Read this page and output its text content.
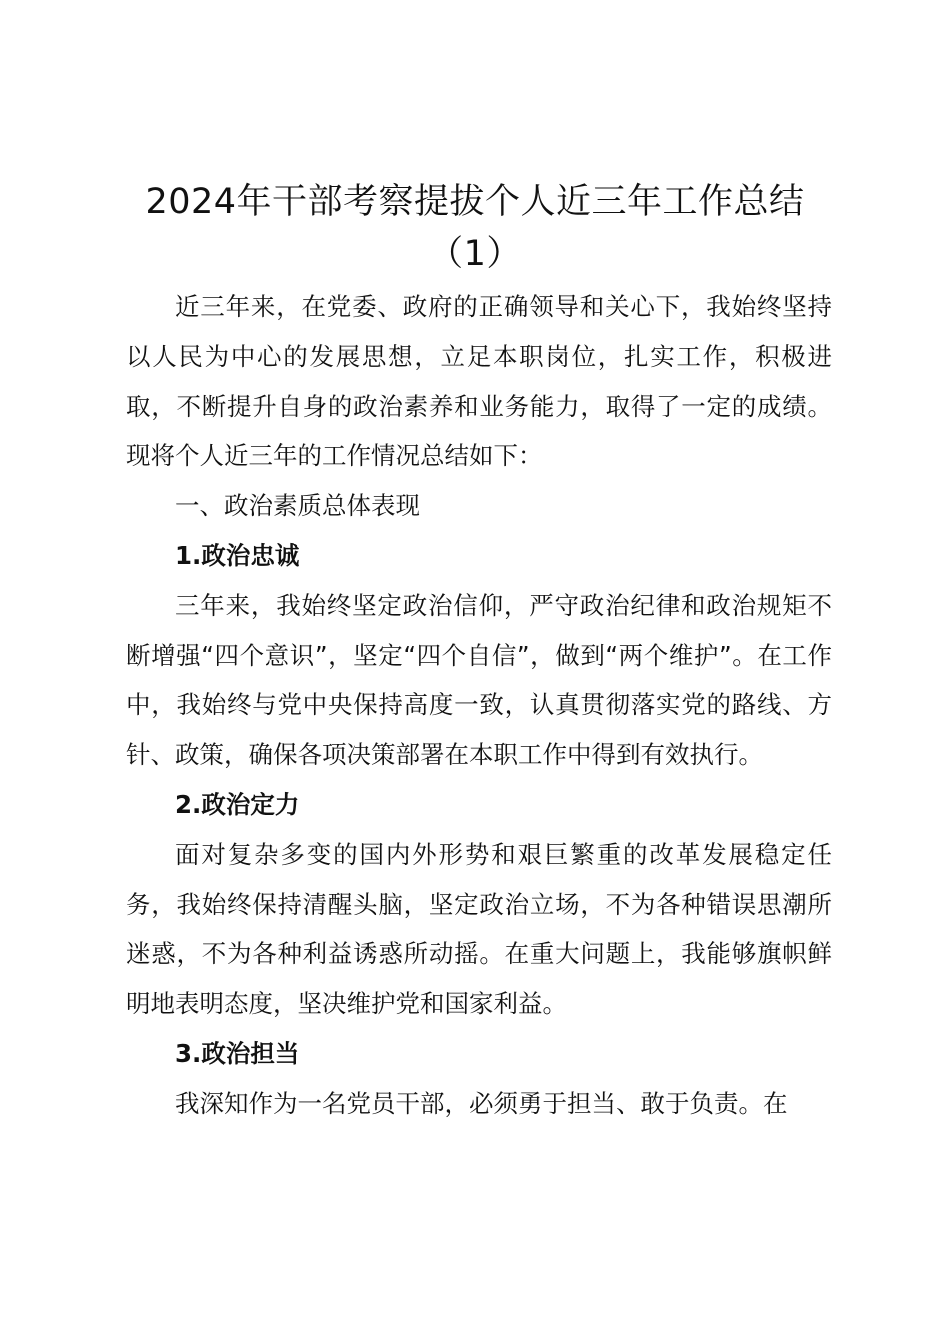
2024年干部考察提拔个人近三年工作总结
（1）

近三年来，在党委、政府的正确领导和关心下，我始终坚持以人民为中心的发展思想，立足本职岗位，扎实工作，积极进取，不断提升自身的政治素养和业务能力，取得了一定的成绩。现将个人近三年的工作情况总结如下：

一、政治素质总体表现

1.政治忠诚

三年来，我始终坚定政治信仰，严守政治纪律和政治规矩不断增强“四个意识”，坚定“四个自信”，做到“两个维护”。在工作中，我始终与党中央保持高度一致，认真贯彻落实党的路线、方针、政策，确保各项决策部署在本职工作中得到有效执行。

2.政治定力

面对复杂多变的国内外形势和艰巨繁重的改革发展稳定任务，我始终保持清醒头脑，坚定政治立场，不为各种错误思潮所迷惑，不为各种利益诱惑所动摇。在重大问题上，我能够旗帜鲜明地表明态度，坚决维护党和国家利益。

3.政治担当

我深知作为一名党员干部，必须勇于担当、敢于负责。在
